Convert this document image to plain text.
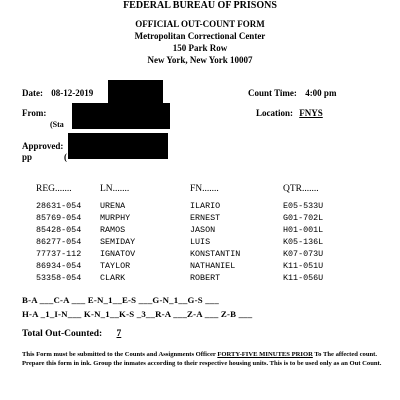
FEDERAL BUREAU OF PRISONS
OFFICIAL OUT-COUNT FORM
Metropolitan Correctional Center
150 Park Row
New York, New York 10007
Date: 08-12-2019	Count Time: 4:00 pm
From:
(Sta
Location: FNYS
Approved:
pp	(
REG.......	LN.......	FN.......	QTR.......
28631-054 URENA	ILARIO	E05-533U
85769-054 MURPHY	ERNEST	G01-702L
85428-054 RAMOS	JASON	H01-001L
86277-054 SEMIDAY	LUIS	K05-136L
77737-112 IGNATOV	KONSTANTIN	K07-073U
86934-054 TAYLOR	NATHANIEL	K11-051U
53358-054 CLARK	ROBERT	K11-056U
B-A ___C-A ___ E-N_1__E-S ___G-N_1__G-S ___
H-A _1_I-N___ K-N_1__K-S _3__R-A ___Z-A ___ Z-B ___
Total Out-Counted: 7
This Form must be submitted to the Counts and Assignments Officer FORTY-FIVE MINUTES PRIOR To The affected count. Prepare this form in ink. Group the inmates according to their respective housing units. This is to be used only as an Out Count.
